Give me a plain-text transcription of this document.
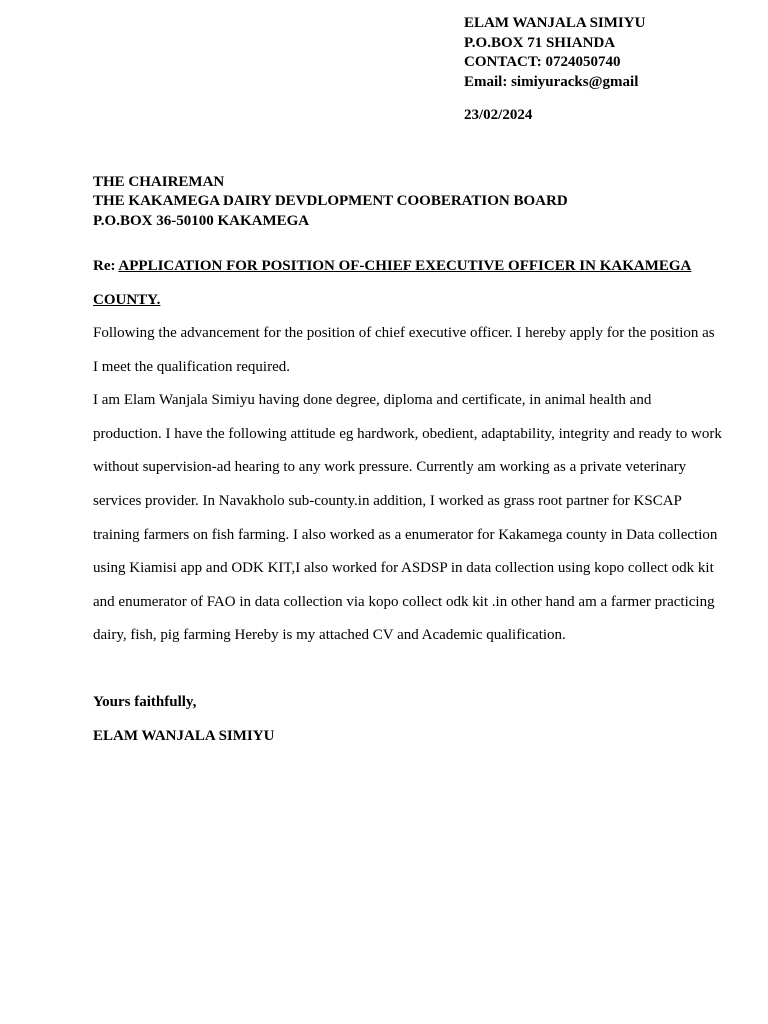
ELAM WANJALA SIMIYU
P.O.BOX 71 SHIANDA
CONTACT: 0724050740
Email: simiyuracks@gmail
23/02/2024
THE CHAIREMAN
THE KAKAMEGA DAIRY DEVDLOPMENT COOBERATION BOARD
P.O.BOX 36-50100 KAKAMEGA
Re: APPLICATION FOR POSITION OF-CHIEF EXECUTIVE OFFICER IN KAKAMEGA COUNTY.

Following the advancement for the position of chief executive officer. I hereby apply for the position as I meet the qualification required.

I am Elam Wanjala Simiyu having done degree, diploma and certificate, in animal health and production. I have the following attitude eg hardwork, obedient, adaptability, integrity and ready to work without supervision-ad hearing to any work pressure. Currently am working as a private veterinary services provider. In Navakholo sub-county.in addition, I worked as grass root partner for KSCAP training farmers on fish farming. I also worked as a enumerator for Kakamega county in Data collection using Kiamisi app and ODK KIT,I also worked for ASDSP in data collection using kopo collect odk kit and enumerator of FAO in data collection via kopo collect odk kit .in other hand am a farmer practicing dairy, fish, pig farming Hereby is my attached CV and Academic qualification.

Yours faithfully,
ELAM WANJALA SIMIYU
